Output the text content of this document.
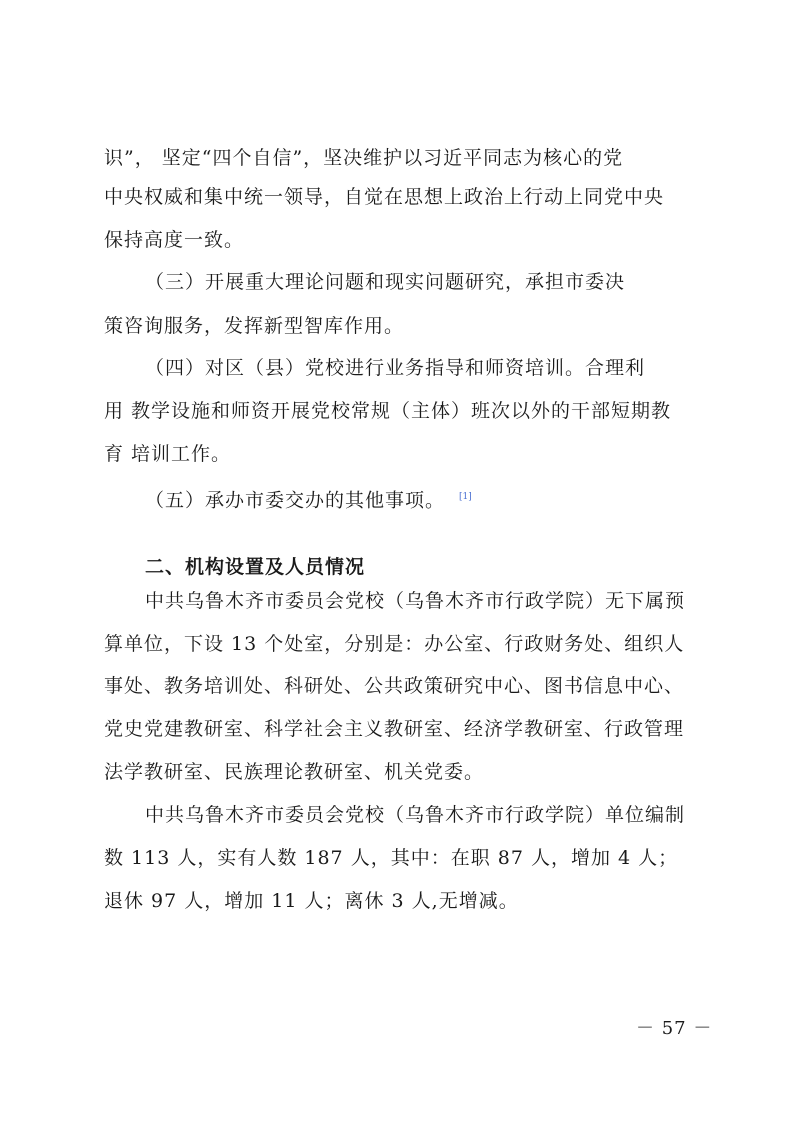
识”， 坚定“四个自信”，坚决维护以习近平同志为核心的党
中央权威和集中统一领导，自觉在思想上政治上行动上同党中央
保持高度一致。
（三）开展重大理论问题和现实问题研究，承担市委决
策咨询服务，发挥新型智库作用。
（四）对区（县）党校进行业务指导和师资培训。合理利
用 教学设施和师资开展党校常规（主体）班次以外的干部短期教
育 培训工作。
（五）承办市委交办的其他事项。 [1]
二、机构设置及人员情况
中共乌鲁木齐市委员会党校（乌鲁木齐市行政学院）无下属预
算单位，下设 13 个处室，分别是：办公室、行政财务处、组织人
事处、教务培训处、科研处、公共政策研究中心、图书信息中心、
党史党建教研室、科学社会主义教研室、经济学教研室、行政管理
法学教研室、民族理论教研室、机关党委。
中共乌鲁木齐市委员会党校（乌鲁木齐市行政学院）单位编制
数 113 人，实有人数 187 人，其中：在职 87 人，增加 4 人；
退休 97 人，增加 11 人；离休 3 人,无增减。
－ 57 －
